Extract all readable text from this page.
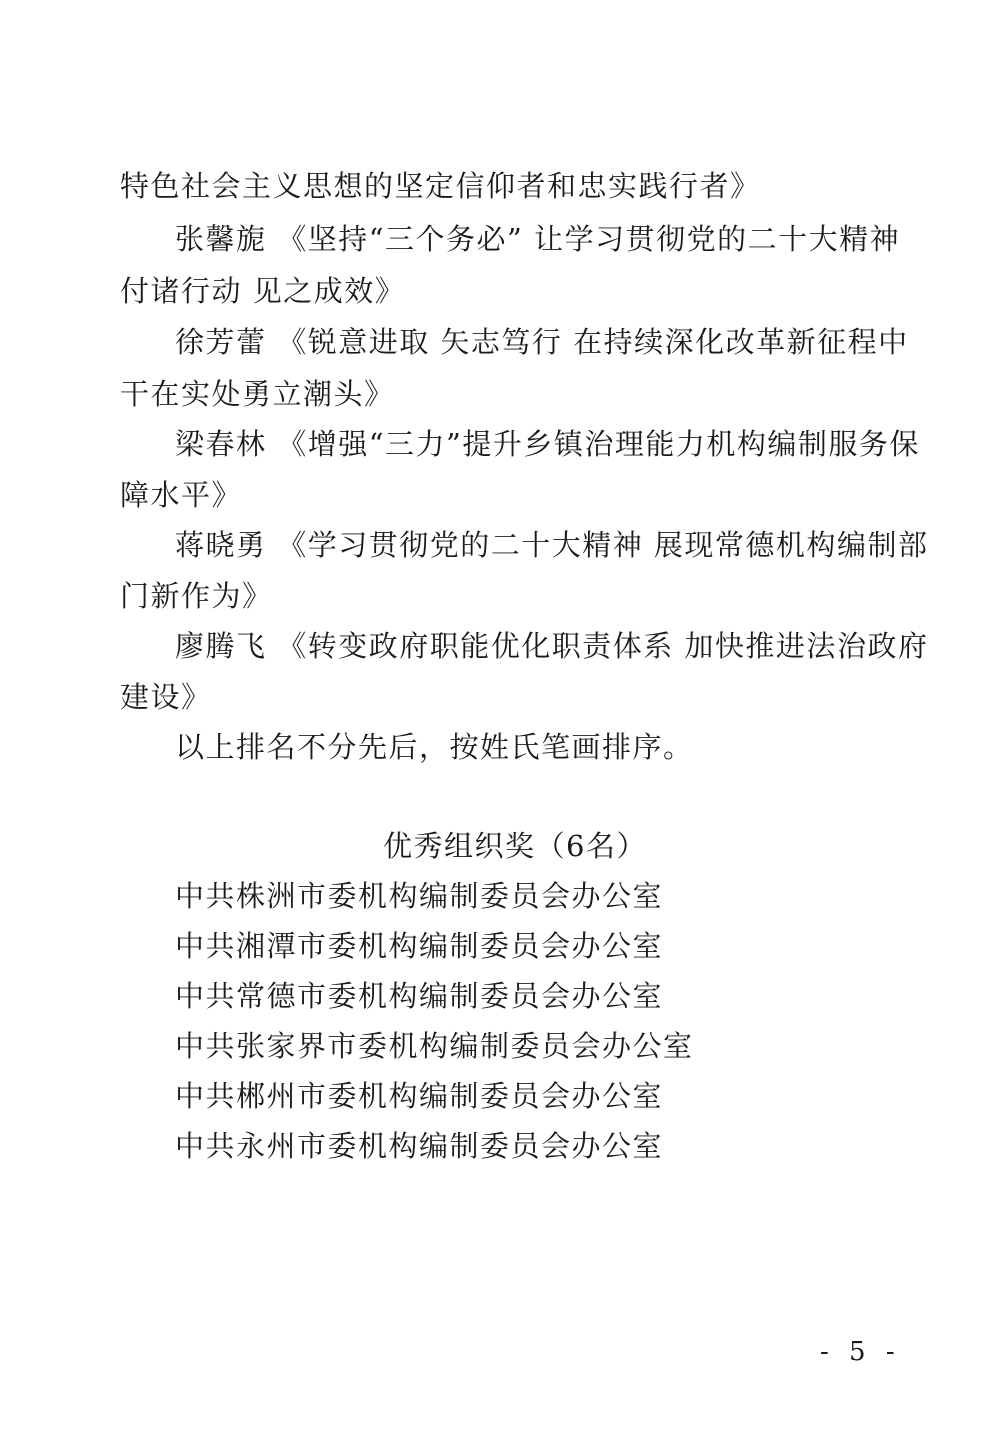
特色社会主义思想的坚定信仰者和忠实践行者》
张馨旎 《坚持“三个务必” 让学习贯彻党的二十大精神
付诸行动 见之成效》
徐芳蕾 《锐意进取 矢志笃行 在持续深化改革新征程中
干在实处勇立潮头》
梁春林 《增强“三力”提升乡镇治理能力机构编制服务保
障水平》
蒋晓勇 《学习贯彻党的二十大精神 展现常德机构编制部
门新作为》
廖腾飞 《转变政府职能优化职责体系 加快推进法治政府
建设》
以上排名不分先后，按姓氏笔画排序。
优秀组织奖（6名）
中共株洲市委机构编制委员会办公室
中共湘潭市委机构编制委员会办公室
中共常德市委机构编制委员会办公室
中共张家界市委机构编制委员会办公室
中共郴州市委机构编制委员会办公室
中共永州市委机构编制委员会办公室
- 5 -
